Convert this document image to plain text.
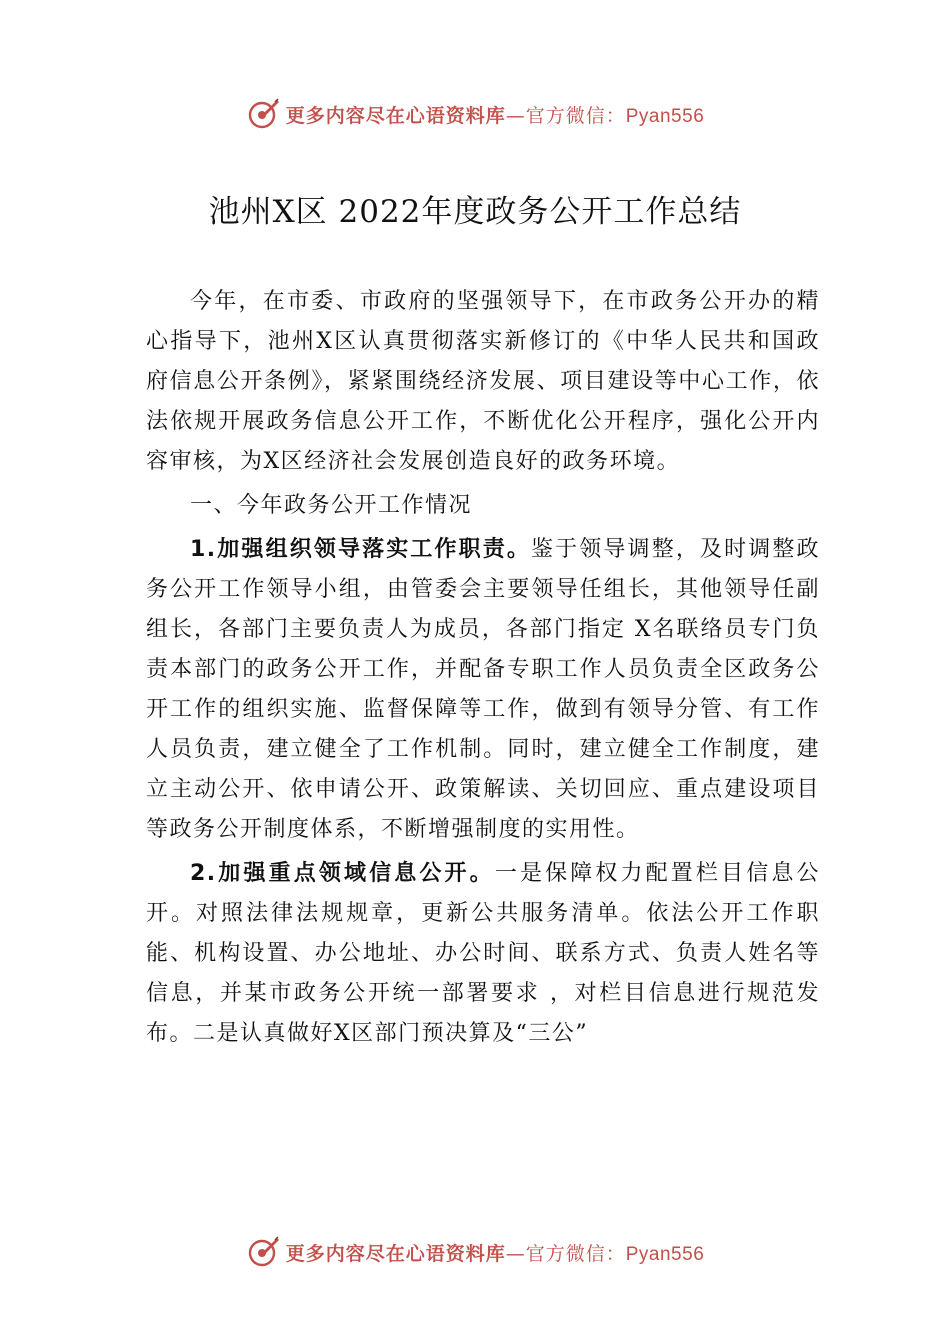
更多内容尽在心语资料库—官方微信：Pyan556
池州X区 2022年度政务公开工作总结

今年，在市委、市政府的坚强领导下，在市政务公开办的精心指导下，池州X区认真贯彻落实新修订的《中华人民共和国政府信息公开条例》，紧紧围绕经济发展、项目建设等中心工作，依法依规开展政务信息公开工作，不断优化公开程序，强化公开内容审核，为X区经济社会发展创造良好的政务环境。

一、今年政务公开工作情况

1.加强组织领导落实工作职责。鉴于领导调整，及时调整政务公开工作领导小组，由管委会主要领导任组长，其他领导任副组长，各部门主要负责人为成员，各部门指定 X名联络员专门负责本部门的政务公开工作，并配备专职工作人员负责全区政务公开工作的组织实施、监督保障等工作，做到有领导分管、有工作人员负责，建立健全了工作机制。同时，建立健全工作制度，建立主动公开、依申请公开、政策解读、关切回应、重点建设项目等政务公开制度体系，不断增强制度的实用性。

2.加强重点领域信息公开。一是保障权力配置栏目信息公开。对照法律法规规章，更新公共服务清单。依法公开工作职能、机构设置、办公地址、办公时间、联系方式、负责人姓名等信息，并某市政务公开统一部署要求 ，对栏目信息进行规范发布。二是认真做好X区部门预决算及“三公”

更多内容尽在心语资料库—官方微信：Pyan556
